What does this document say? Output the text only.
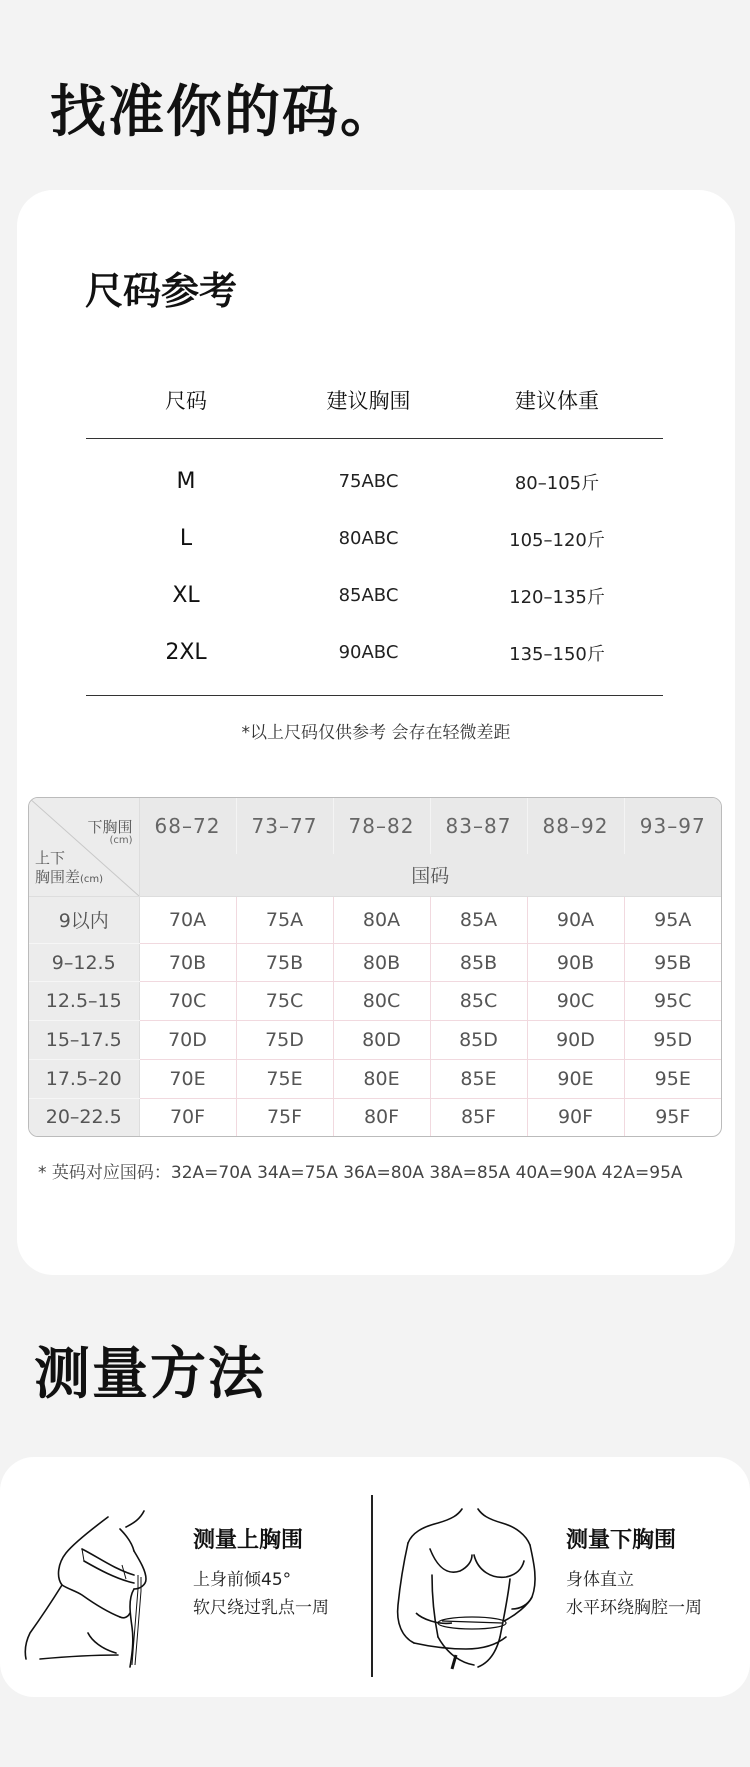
找准你的码。
尺码参考
尺码	建议胸围	建议体重
M	75ABC	80–105斤
L	80ABC	105–120斤
XL	85ABC	120–135斤
2XL	90ABC	135–150斤
*以上尺码仅供参考 会存在轻微差距
下胸围
(cm)
上下
胸围差(cm)	68–72	73–77	78–82	83–87	88–92	93–97
	国码					
9以内	70A	75A	80A	85A	90A	95A
9–12.5	70B	75B	80B	85B	90B	95B
12.5–15	70C	75C	80C	85C	90C	95C
15–17.5	70D	75D	80D	85D	90D	95D
17.5–20	70E	75E	80E	85E	90E	95E
20–22.5	70F	75F	80F	85F	90F	95F
* 英码对应国码：32A=70A 34A=75A 36A=80A 38A=85A 40A=90A 42A=95A
测量方法
测量上胸围
上身前倾45°
软尺绕过乳点一周
测量下胸围
身体直立
水平环绕胸腔一周
